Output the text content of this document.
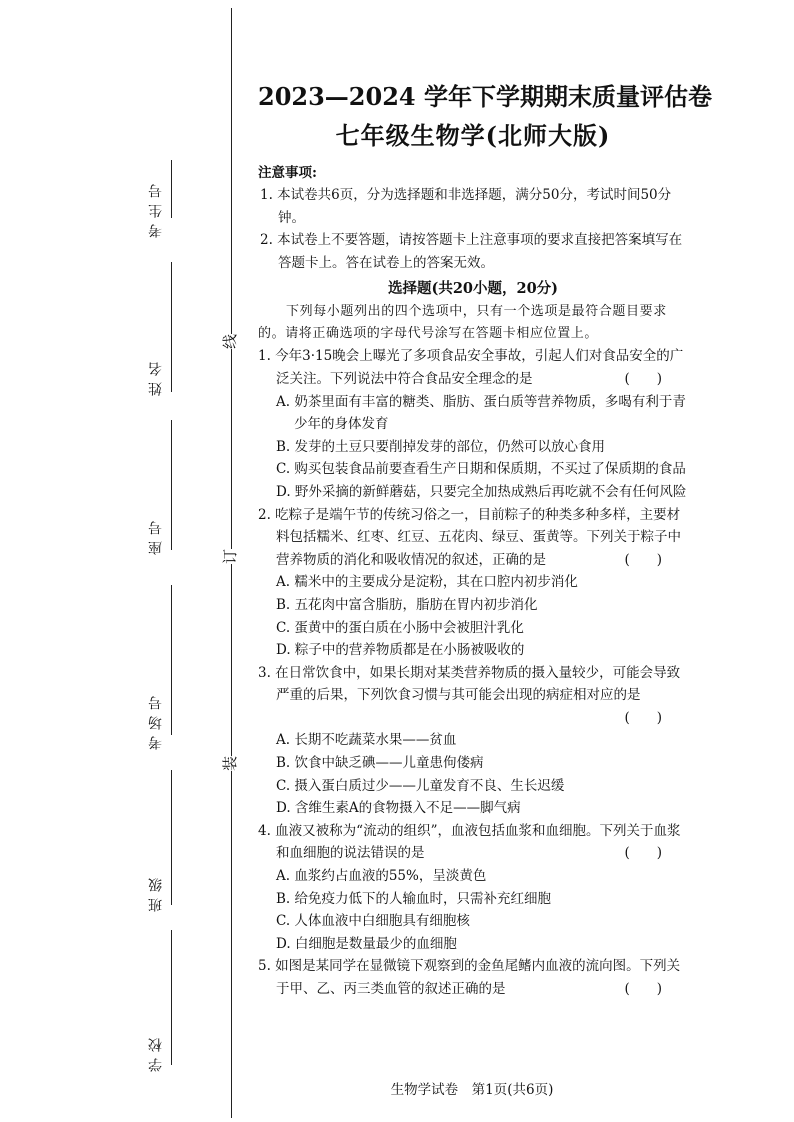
考生号
姓名
座号
考场号
班级
学校
线
订
装
2023—2024 学年下学期期末质量评估卷
七年级生物学(北师大版)
注意事项:
1. 本试卷共6页，分为选择题和非选择题，满分50分，考试时间50分钟。
2. 本试卷上不要答题，请按答题卡上注意事项的要求直接把答案填写在答题卡上。答在试卷上的答案无效。
选择题(共20小题，20分)
下列每小题列出的四个选项中，只有一个选项是最符合题目要求的。请将正确选项的字母代号涂写在答题卡相应位置上。
1. 今年3·15晚会上曝光了多项食品安全事故，引起人们对食品安全的广泛关注。下列说法中符合食品安全理念的是	(　　)
A. 奶茶里面有丰富的糖类、脂肪、蛋白质等营养物质，多喝有利于青少年的身体发育
B. 发芽的土豆只要削掉发芽的部位，仍然可以放心食用
C. 购买包装食品前要查看生产日期和保质期，不买过了保质期的食品
D. 野外采摘的新鲜蘑菇，只要完全加热成熟后再吃就不会有任何风险
2. 吃粽子是端午节的传统习俗之一，目前粽子的种类多种多样，主要材料包括糯米、红枣、红豆、五花肉、绿豆、蛋黄等。下列关于粽子中营养物质的消化和吸收情况的叙述，正确的是	(　　)
A. 糯米中的主要成分是淀粉，其在口腔内初步消化
B. 五花肉中富含脂肪，脂肪在胃内初步消化
C. 蛋黄中的蛋白质在小肠中会被胆汁乳化
D. 粽子中的营养物质都是在小肠被吸收的
3. 在日常饮食中，如果长期对某类营养物质的摄入量较少，可能会导致严重的后果，下列饮食习惯与其可能会出现的病症相对应的是
(　　)
A. 长期不吃蔬菜水果——贫血
B. 饮食中缺乏碘——儿童患佝偻病
C. 摄入蛋白质过少——儿童发育不良、生长迟缓
D. 含维生素A的食物摄入不足——脚气病
4. 血液又被称为“流动的组织”，血液包括血浆和血细胞。下列关于血浆和血细胞的说法错误的是	(　　)
A. 血浆约占血液的55%，呈淡黄色
B. 给免疫力低下的人输血时，只需补充红细胞
C. 人体血液中白细胞具有细胞核
D. 白细胞是数量最少的血细胞
5. 如图是某同学在显微镜下观察到的金鱼尾鳍内血液的流向图。下列关于甲、乙、丙三类血管的叙述正确的是	(　　)
生物学试卷　第1页(共6页)
